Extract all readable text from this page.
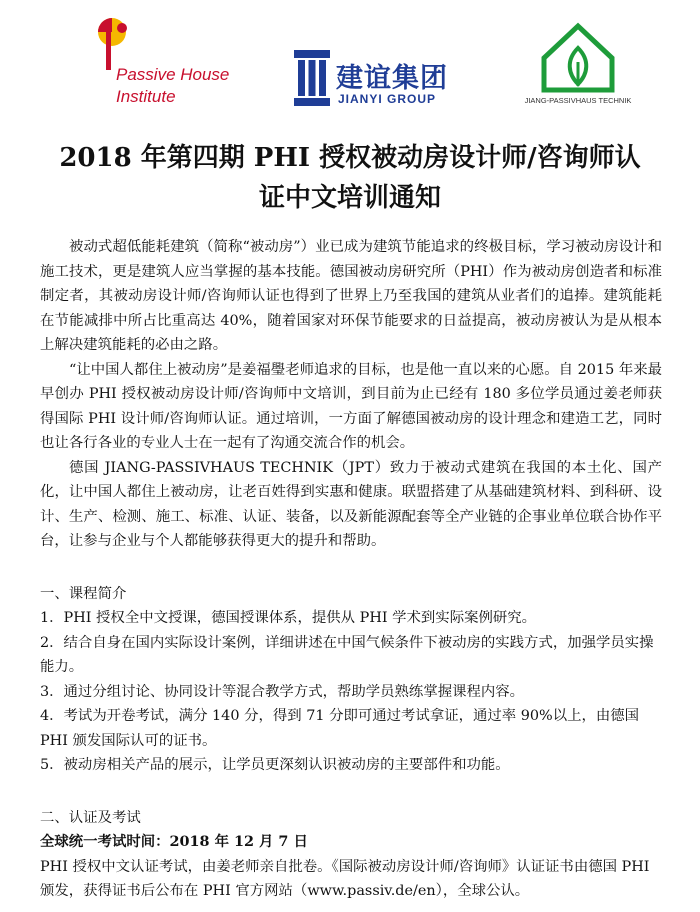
Passive House
Institute
建谊集团
JIANYI GROUP	JIANG-PASSIVHAUS TECHNIK
2018 年第四期 PHI 授权被动房设计师/咨询师认
证中文培训通知

被动式超低能耗建筑（简称“被动房”）业已成为建筑节能追求的终极目标，学习被动房设计和施工技术，更是建筑人应当掌握的基本技能。德国被动房研究所（PHI）作为被动房创造者和标准制定者，其被动房设计师/咨询师认证也得到了世界上乃至我国的建筑从业者们的追捧。建筑能耗在节能减排中所占比重高达 40%，随着国家对环保节能要求的日益提高，被动房被认为是从根本上解决建筑能耗的必由之路。

“让中国人都住上被动房”是姜福璺老师追求的目标，也是他一直以来的心愿。自 2015 年来最早创办 PHI 授权被动房设计师/咨询师中文培训，到目前为止已经有 180 多位学员通过姜老师获得国际 PHI 设计师/咨询师认证。通过培训，一方面了解德国被动房的设计理念和建造工艺，同时也让各行各业的专业人士在一起有了沟通交流合作的机会。

德国 JIANG-PASSIVHAUS TECHNIK（JPT）致力于被动式建筑在我国的本土化、国产化，让中国人都住上被动房，让老百姓得到实惠和健康。联盟搭建了从基础建筑材料、到科研、设计、生产、检测、施工、标准、认证、装备，以及新能源配套等全产业链的企事业单位联合协作平台，让参与企业与个人都能够获得更大的提升和帮助。

一、课程简介

1．PHI 授权全中文授课，德国授课体系，提供从 PHI 学术到实际案例研究。

2．结合自身在国内实际设计案例，详细讲述在中国气候条件下被动房的实践方式，加强学员实操能力。

3．通过分组讨论、协同设计等混合教学方式，帮助学员熟练掌握课程内容。

4．考试为开卷考试，满分 140 分，得到 71 分即可通过考试拿证，通过率 90%以上，由德国 PHI 颁发国际认可的证书。

5．被动房相关产品的展示，让学员更深刻认识被动房的主要部件和功能。

二、认证及考试

全球统一考试时间：2018 年 12 月 7 日

PHI 授权中文认证考试，由姜老师亲自批卷。《国际被动房设计师/咨询师》认证证书由德国 PHI 颁发，获得证书后公布在 PHI 官方网站（www.passiv.de/en），全球公认。
